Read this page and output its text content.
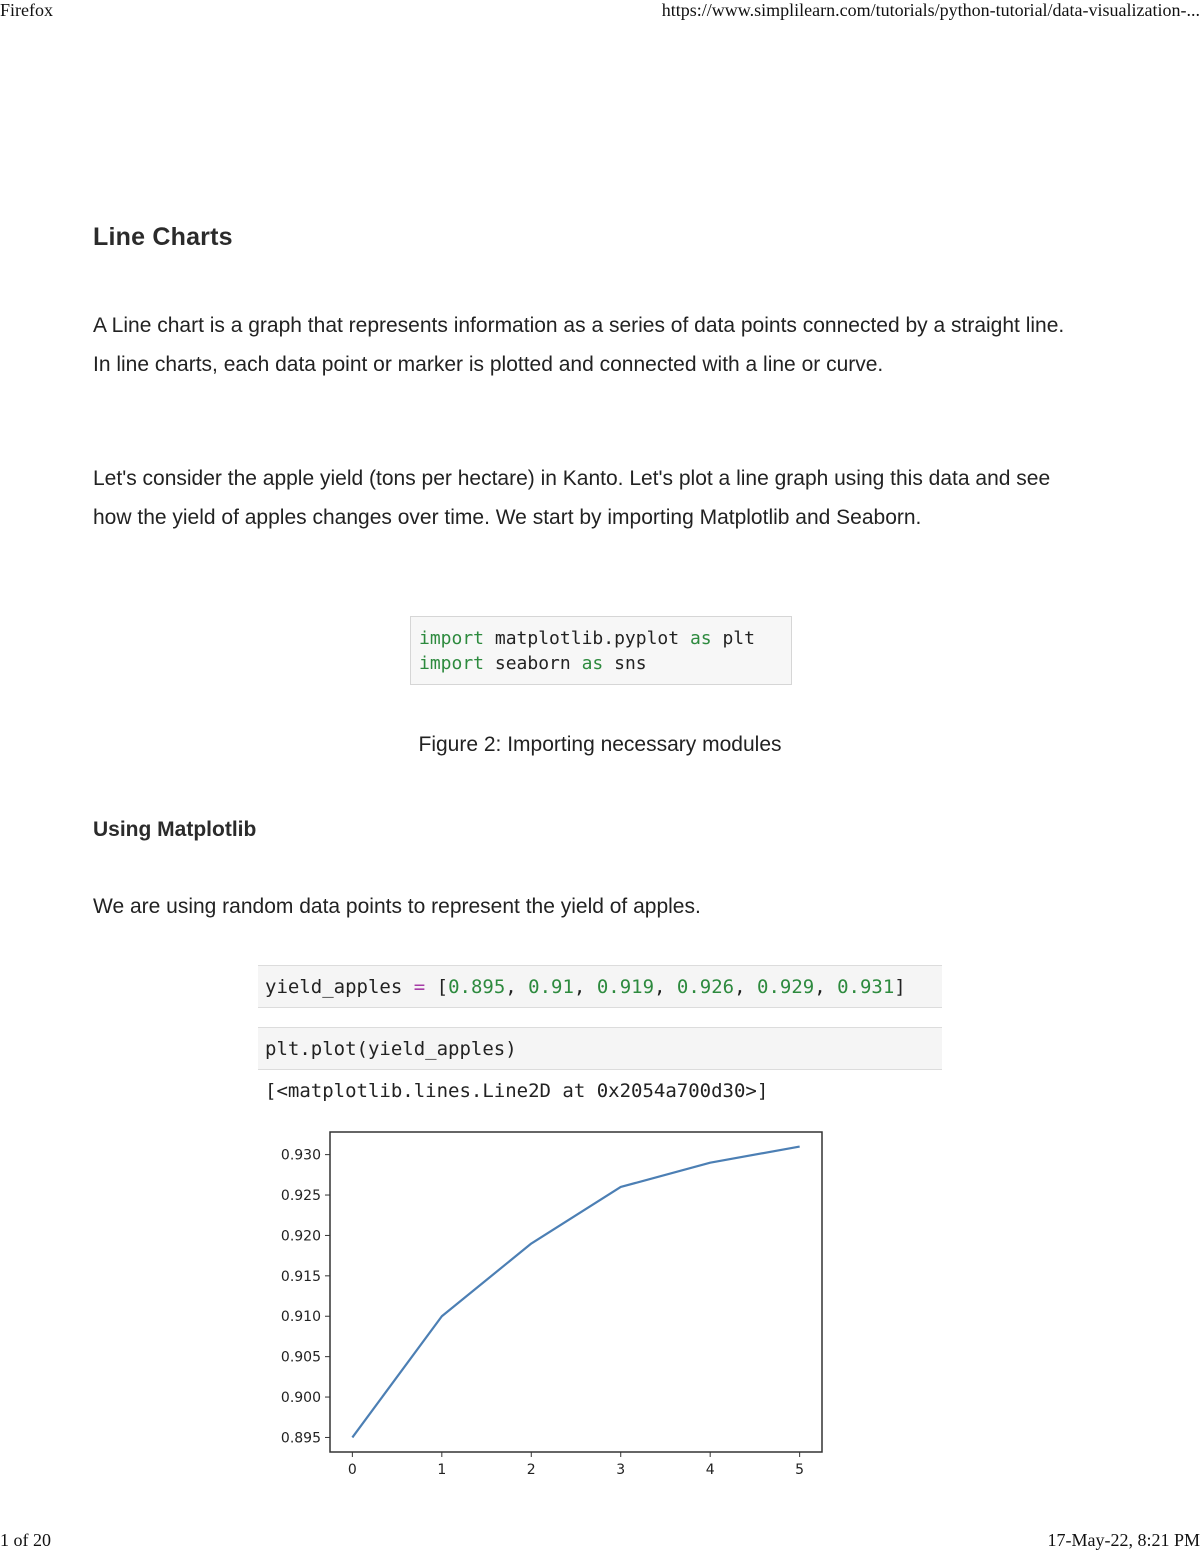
Firefox	https://www.simplilearn.com/tutorials/python-tutorial/data-visualization-...
Line Charts

A Line chart is a graph that represents information as a series of data points connected by a straight line. In line charts, each data point or marker is plotted and connected with a line or curve.

Let's consider the apple yield (tons per hectare) in Kanto. Let's plot a line graph using this data and see how the yield of apples changes over time. We start by importing Matplotlib and Seaborn.

import matplotlib.pyplot as plt
import seaborn as sns

Figure 2: Importing necessary modules

Using Matplotlib

We are using random data points to represent the yield of apples.

yield_apples = [0.895, 0.91, 0.919, 0.926, 0.929, 0.931]
plt.plot(yield_apples)
[<matplotlib.lines.Line2D at 0x2054a700d30>]
0.895
0.900
0.905
0.910
0.915
0.920
0.925
0.930
0	1	2	3	4	5
1 of 20	17-May-22, 8:21 PM
